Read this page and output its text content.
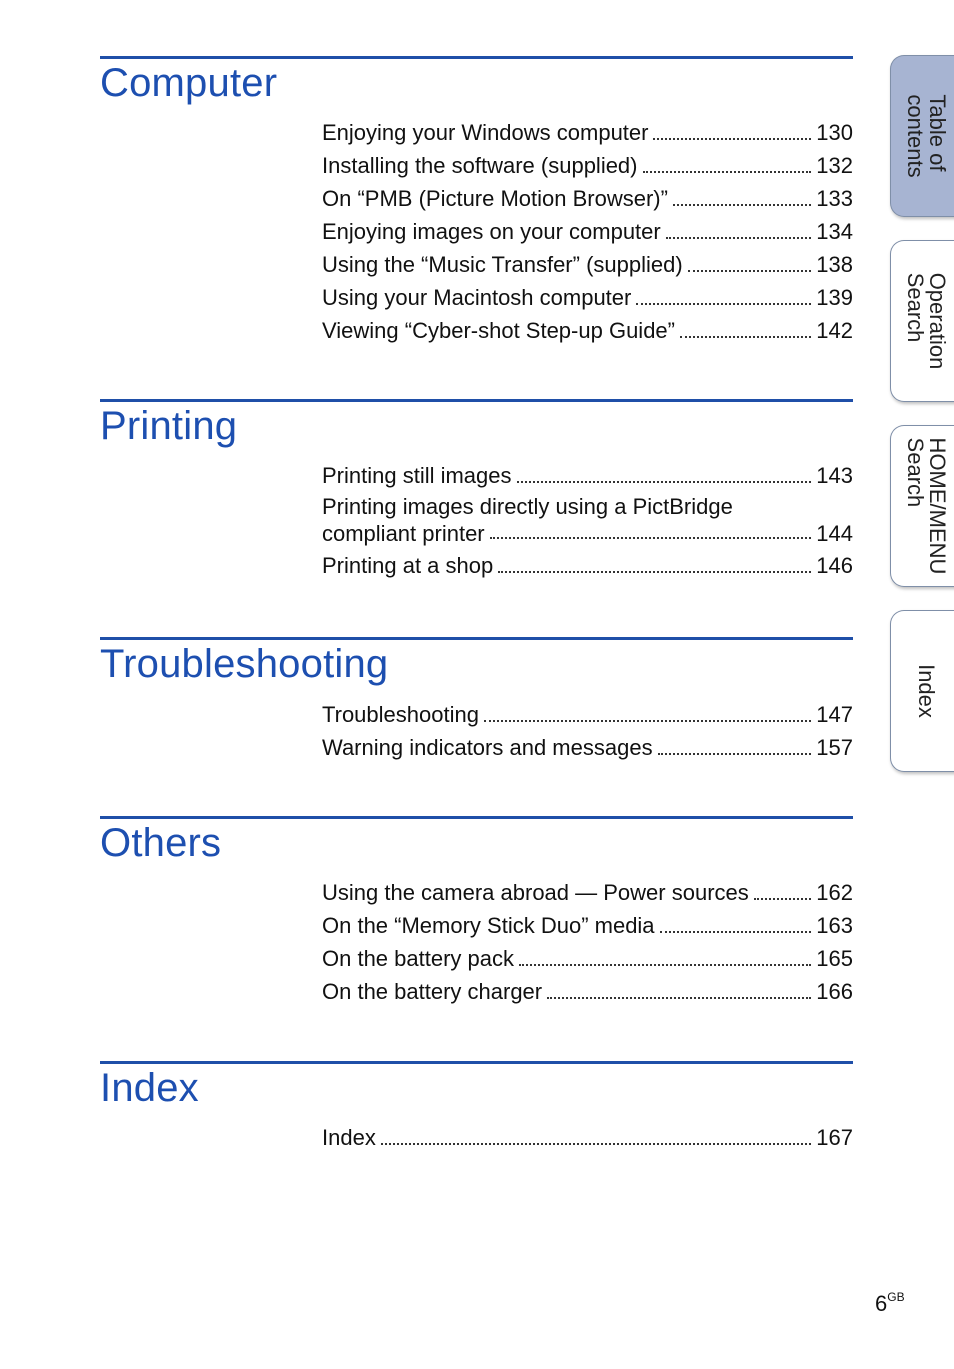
Computer
Enjoying your Windows computer	130
Installing the software (supplied)	132
On “PMB (Picture Motion Browser)”	133
Enjoying images on your computer	134
Using the “Music Transfer” (supplied)	138
Using your Macintosh computer	139
Viewing “Cyber-shot Step-up Guide”	142
Printing
Printing still images	143
Printing images directly using a PictBridge
compliant printer	144
Printing at a shop	146
Troubleshooting
Troubleshooting	147
Warning indicators and messages	157
Others
Using the camera abroad — Power sources	162
On the “Memory Stick Duo” media	163
On the battery pack	165
On the battery charger	166
Index
Index	167
Table of
contents
Operation
Search
HOME/MENU
Search
Index
$6^{GB}$
